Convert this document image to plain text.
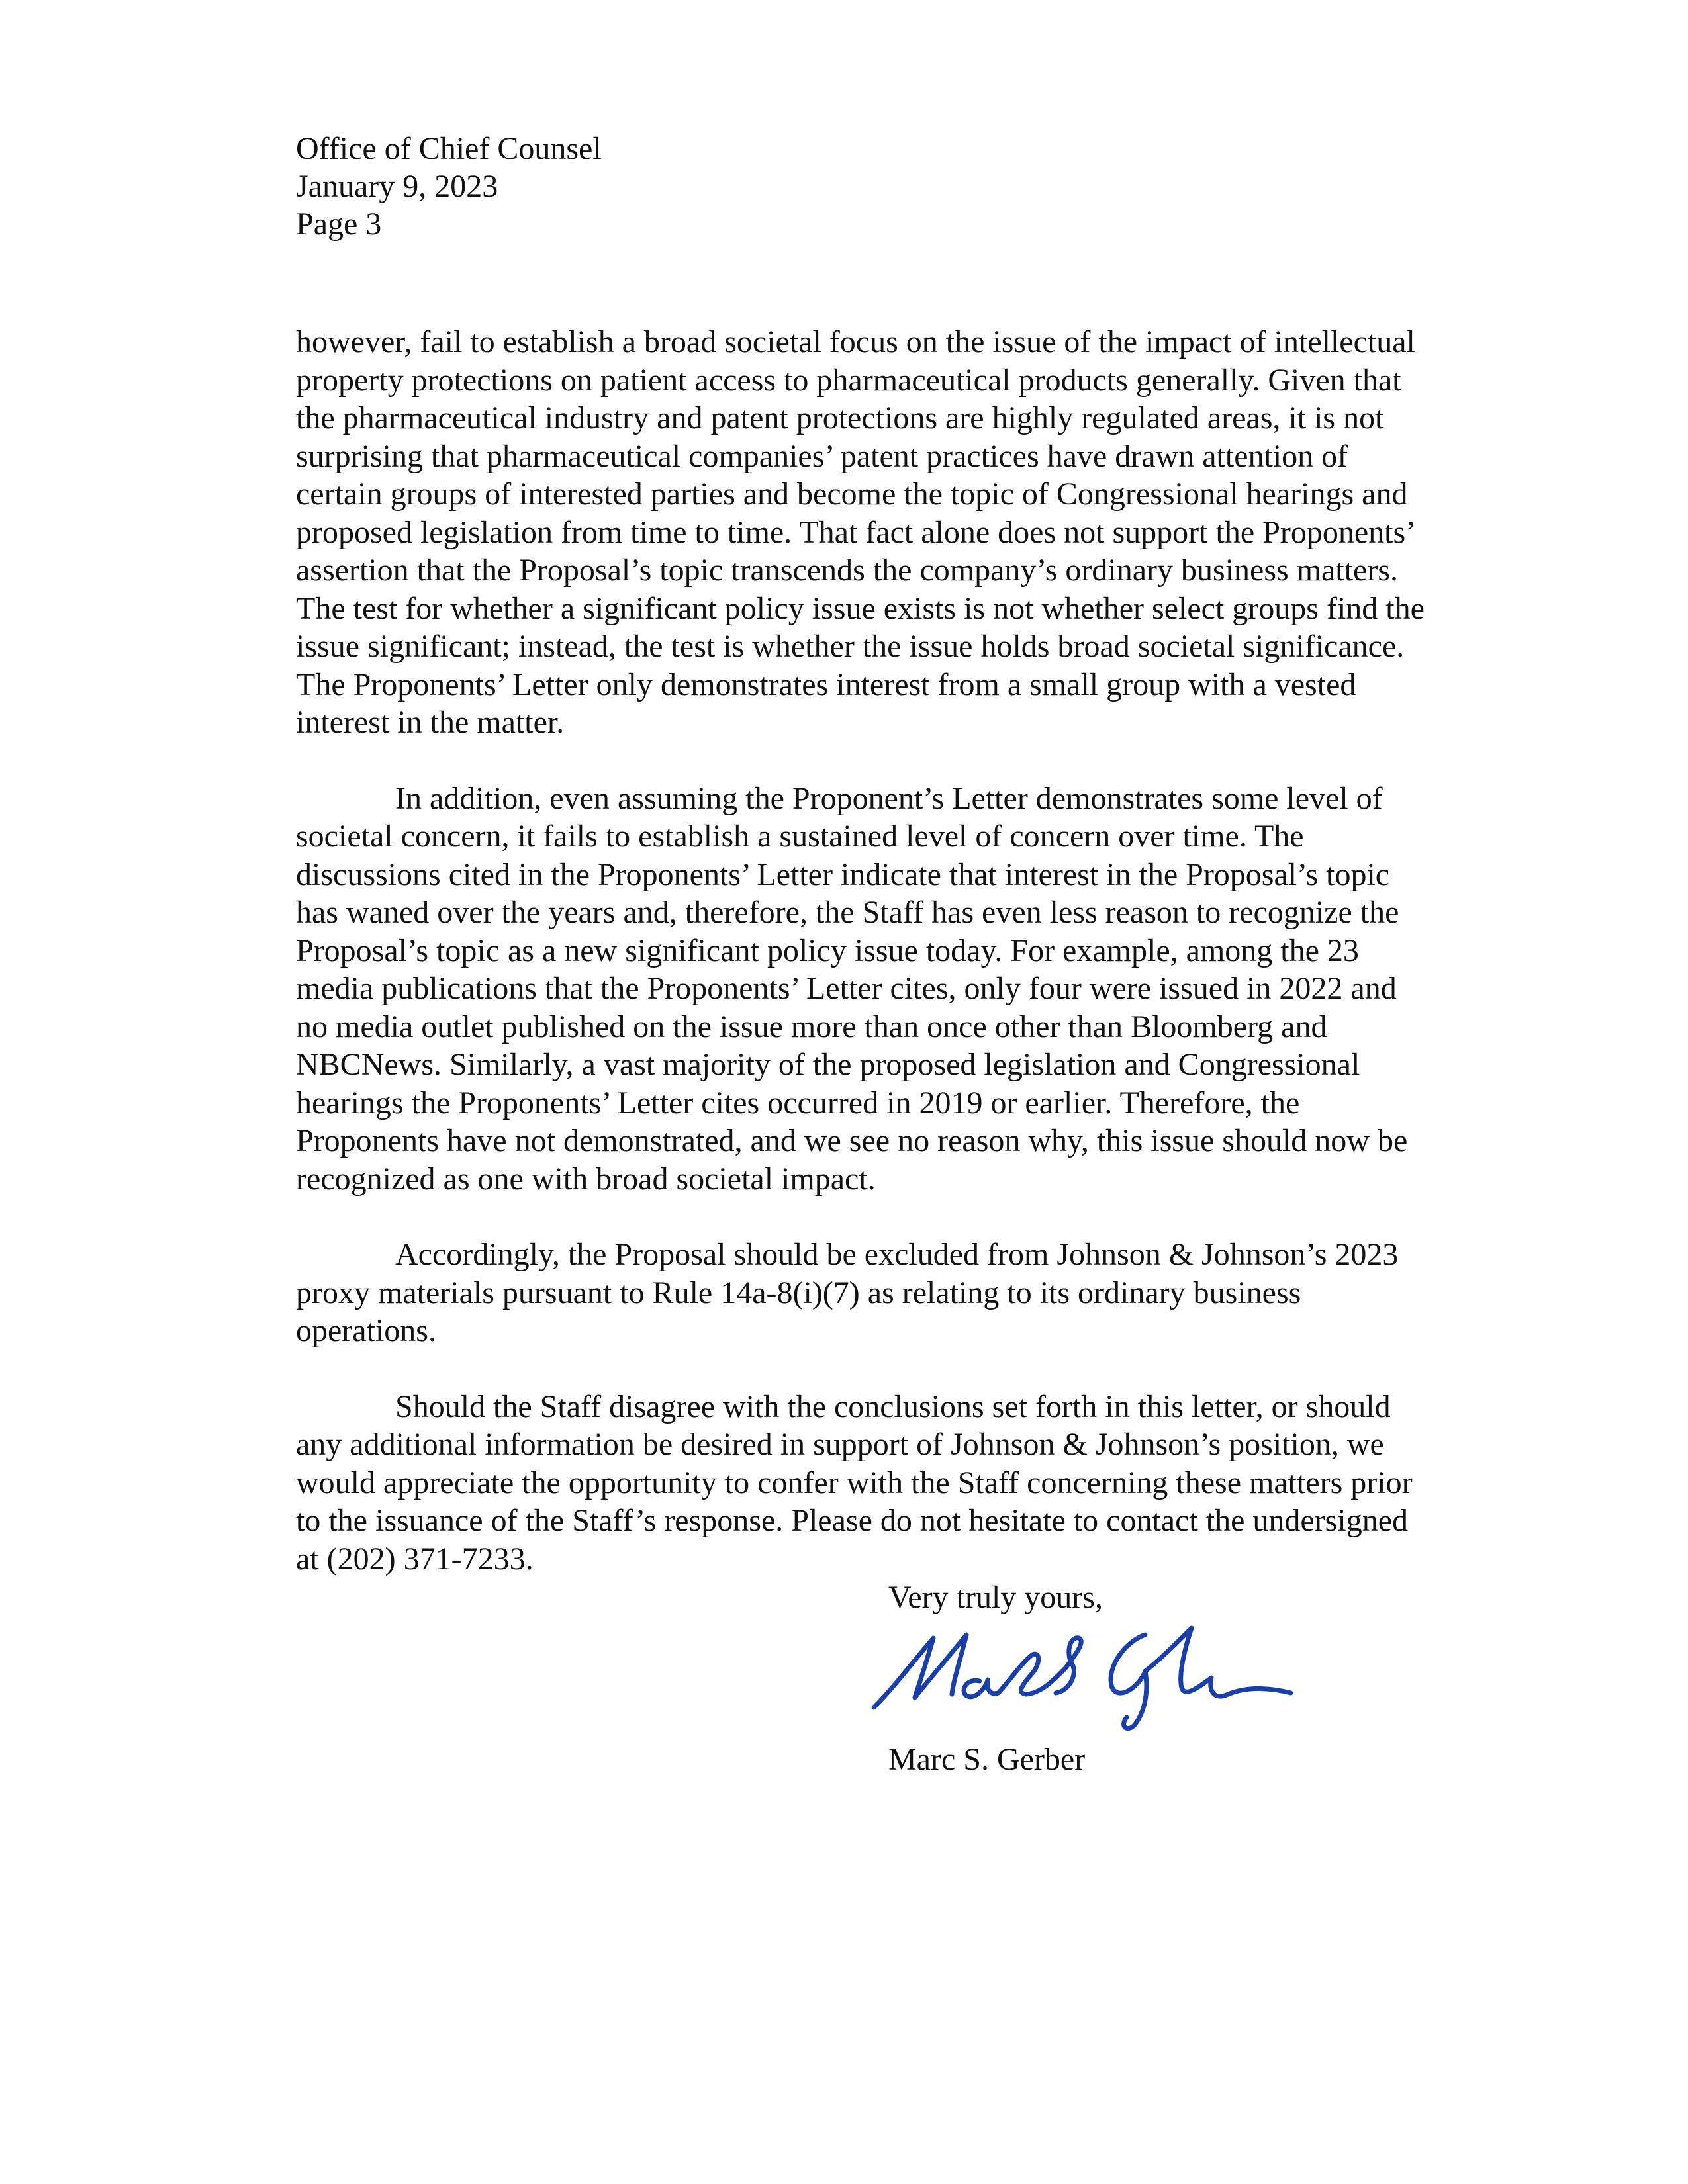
Office of Chief Counsel
January 9, 2023
Page 3

however, fail to establish a broad societal focus on the issue of the impact of intellectual property protections on patient access to pharmaceutical products generally. Given that the pharmaceutical industry and patent protections are highly regulated areas, it is not surprising that pharmaceutical companies’ patent practices have drawn attention of certain groups of interested parties and become the topic of Congressional hearings and proposed legislation from time to time. That fact alone does not support the Proponents’ assertion that the Proposal’s topic transcends the company’s ordinary business matters. The test for whether a significant policy issue exists is not whether select groups find the issue significant; instead, the test is whether the issue holds broad societal significance. The Proponents’ Letter only demonstrates interest from a small group with a vested interest in the matter.

In addition, even assuming the Proponent’s Letter demonstrates some level of societal concern, it fails to establish a sustained level of concern over time. The discussions cited in the Proponents’ Letter indicate that interest in the Proposal’s topic has waned over the years and, therefore, the Staff has even less reason to recognize the Proposal’s topic as a new significant policy issue today. For example, among the 23 media publications that the Proponents’ Letter cites, only four were issued in 2022 and no media outlet published on the issue more than once other than Bloomberg and NBCNews. Similarly, a vast majority of the proposed legislation and Congressional hearings the Proponents’ Letter cites occurred in 2019 or earlier. Therefore, the Proponents have not demonstrated, and we see no reason why, this issue should now be recognized as one with broad societal impact.

Accordingly, the Proposal should be excluded from Johnson & Johnson’s 2023 proxy materials pursuant to Rule 14a-8(i)(7) as relating to its ordinary business operations.

Should the Staff disagree with the conclusions set forth in this letter, or should any additional information be desired in support of Johnson & Johnson’s position, we would appreciate the opportunity to confer with the Staff concerning these matters prior to the issuance of the Staff’s response. Please do not hesitate to contact the undersigned at (202) 371-7233.

Very truly yours,
Marc S. Gerber
